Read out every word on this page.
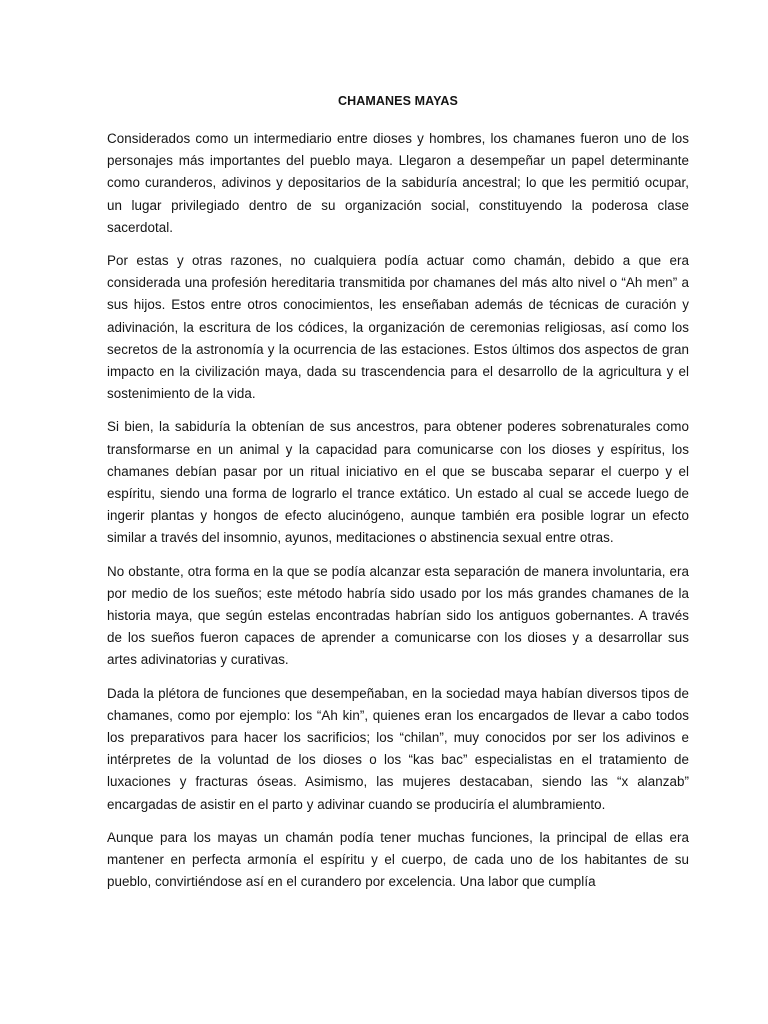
CHAMANES MAYAS

Considerados como un intermediario entre dioses y hombres, los chamanes fueron uno de los personajes más importantes del pueblo maya. Llegaron a desempeñar un papel determinante como curanderos, adivinos y depositarios de la sabiduría ancestral; lo que les permitió ocupar, un lugar privilegiado dentro de su organización social, constituyendo la poderosa clase sacerdotal.

Por estas y otras razones, no cualquiera podía actuar como chamán, debido a que era considerada una profesión hereditaria transmitida por chamanes del más alto nivel o “Ah men” a sus hijos. Estos entre otros conocimientos, les enseñaban además de técnicas de curación y adivinación, la escritura de los códices, la organización de ceremonias religiosas, así como los secretos de la astronomía y la ocurrencia de las estaciones. Estos últimos dos aspectos de gran impacto en la civilización maya, dada su trascendencia para el desarrollo de la agricultura y el sostenimiento de la vida.

Si bien, la sabiduría la obtenían de sus ancestros, para obtener poderes sobrenaturales como transformarse en un animal y la capacidad para comunicarse con los dioses y espíritus, los chamanes debían pasar por un ritual iniciativo en el que se buscaba separar el cuerpo y el espíritu, siendo una forma de lograrlo el trance extático. Un estado al cual se accede luego de ingerir plantas y hongos de efecto alucinógeno, aunque también era posible lograr un efecto similar a través del insomnio, ayunos, meditaciones o abstinencia sexual entre otras.

No obstante, otra forma en la que se podía alcanzar esta separación de manera involuntaria, era por medio de los sueños; este método habría sido usado por los más grandes chamanes de la historia maya, que según estelas encontradas habrían sido los antiguos gobernantes. A través de los sueños fueron capaces de aprender a comunicarse con los dioses y a desarrollar sus artes adivinatorias y curativas.

Dada la plétora de funciones que desempeñaban, en la sociedad maya habían diversos tipos de chamanes, como por ejemplo: los “Ah kin”, quienes eran los encargados de llevar a cabo todos los preparativos para hacer los sacrificios; los “chilan”, muy conocidos por ser los adivinos e intérpretes de la voluntad de los dioses o los “kas bac” especialistas en el tratamiento de luxaciones y fracturas óseas. Asimismo, las mujeres destacaban, siendo las “x alanzab” encargadas de asistir en el parto y adivinar cuando se produciría el alumbramiento.

Aunque para los mayas un chamán podía tener muchas funciones, la principal de ellas era mantener en perfecta armonía el espíritu y el cuerpo, de cada uno de los habitantes de su pueblo, convirtiéndose así en el curandero por excelencia. Una labor que cumplía
